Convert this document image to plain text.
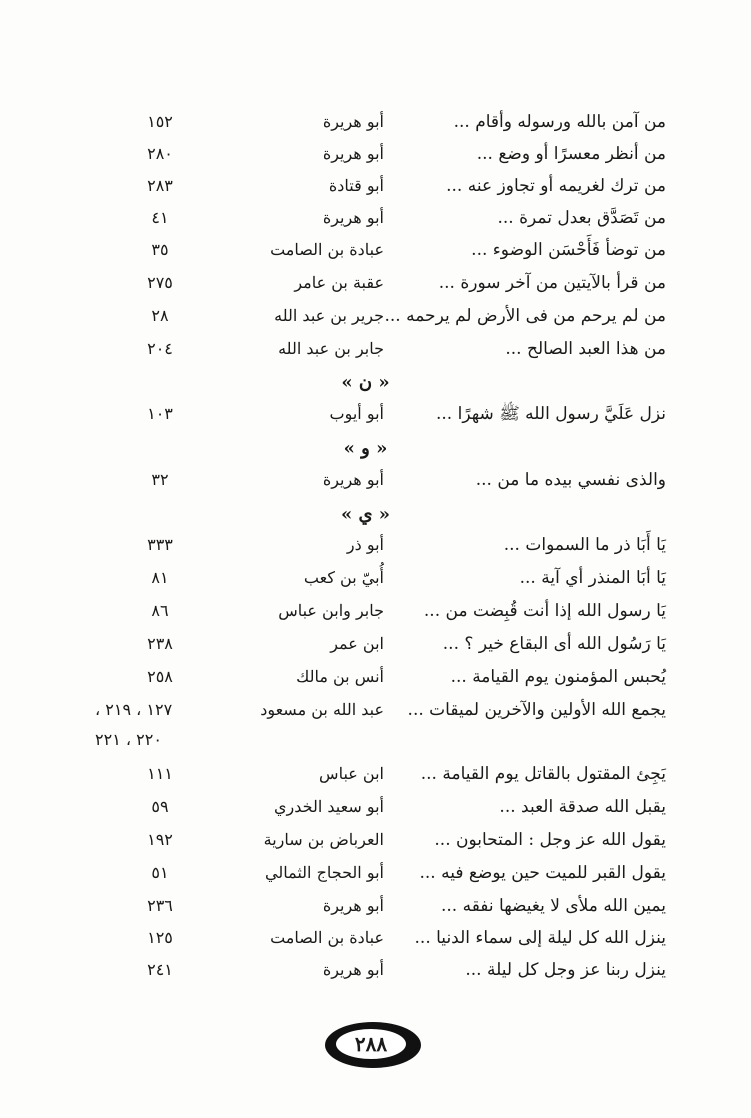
من آمن بالله ورسوله وأقام ...
أبو هريرة
١٥٢
من أنظر معسرًا أو وضع ...
أبو هريرة
٢٨٠
من ترك لغريمه أو تجاوز عنه ...
أبو قتادة
٢٨٣
من تَصَدَّق بعدل تمرة ...
أبو هريرة
٤١
من توضأ فَأَحْسَن الوضوء ...
عبادة بن الصامت
٣٥
من قرأ بالآيتين من آخر سورة ...
عقبة بن عامر
٢٧٥
من لم يرحم من فى الأرض لم يرحمه ...
جرير بن عبد الله
٢٨
من هذا العبد الصالح ...
جابر بن عبد الله
٢٠٤
« ن »
نزل عَلَيَّ رسول الله ﷺ شهرًا ...
أبو أيوب
١٠٣
« و »
والذى نفسي بيده ما من ...
أبو هريرة
٣٢
« ي »
يَا أَبَا ذر ما السموات ...
أبو ذر
٣٣٣
يَا أبَا المنذر أي آية ...
أُبيّ بن كعب
٨١
يَا رسول الله إذا أنت قُبِضت من ...
جابر وابن عباس
٨٦
يَا رَسُول الله أى البقاع خير ؟ ...
ابن عمر
٢٣٨
يُحبس المؤمنون يوم القيامة ...
أنس بن مالك
٢٥٨
يجمع الله الأولين والآخرين لميقات ...
عبد الله بن مسعود
١٢٧ ، ٢١٩ ،
٢٢٠ ، ٢٢١
يَجِئ المقتول بالقاتل يوم القيامة ...
ابن عباس
١١١
يقبل الله صدقة العبد ...
أبو سعيد الخدري
٥٩
يقول الله عز وجل : المتحابون ...
العرباض بن سارية
١٩٢
يقول القبر للميت حين يوضع فيه ...
أبو الحجاج الثمالي
٥١
يمين الله ملأى لا يغيضها نفقه ...
أبو هريرة
٢٣٦
ينزل الله كل ليلة إلى سماء الدنيا ...
عبادة بن الصامت
١٢٥
ينزل ربنا عز وجل كل ليلة ...
أبو هريرة
٢٤١
٢٨٨
